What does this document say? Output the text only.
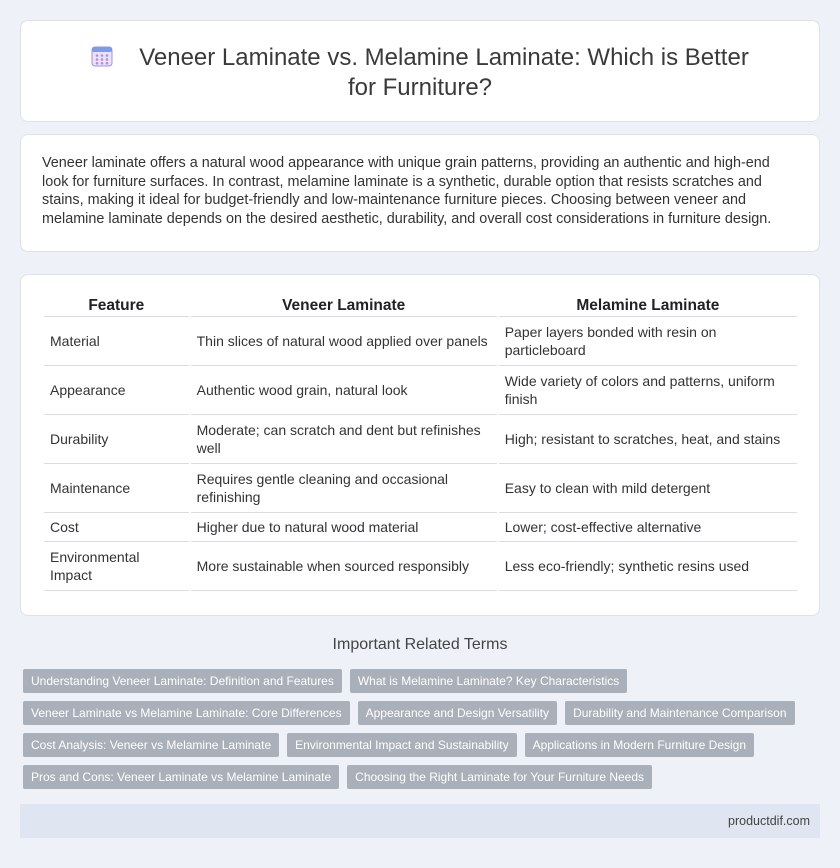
Veneer Laminate vs. Melamine Laminate: Which is Better for Furniture?

Veneer laminate offers a natural wood appearance with unique grain patterns, providing an authentic and high-end look for furniture surfaces. In contrast, melamine laminate is a synthetic, durable option that resists scratches and stains, making it ideal for budget-friendly and low-maintenance furniture pieces. Choosing between veneer and melamine laminate depends on the desired aesthetic, durability, and overall cost considerations in furniture design.

Feature	Veneer Laminate	Melamine Laminate
Material	Thin slices of natural wood applied over panels	Paper layers bonded with resin on particleboard
Appearance	Authentic wood grain, natural look	Wide variety of colors and patterns, uniform finish
Durability	Moderate; can scratch and dent but refinishes well	High; resistant to scratches, heat, and stains
Maintenance	Requires gentle cleaning and occasional refinishing	Easy to clean with mild detergent
Cost	Higher due to natural wood material	Lower; cost-effective alternative
Environmental Impact	More sustainable when sourced responsibly	Less eco-friendly; synthetic resins used
Important Related Terms
Understanding Veneer Laminate: Definition and Features	What is Melamine Laminate? Key Characteristics
Veneer Laminate vs Melamine Laminate: Core Differences	Appearance and Design Versatility	Durability and Maintenance Comparison
Cost Analysis: Veneer vs Melamine Laminate	Environmental Impact and Sustainability	Applications in Modern Furniture Design
Pros and Cons: Veneer Laminate vs Melamine Laminate	Choosing the Right Laminate for Your Furniture Needs
productdif.com
